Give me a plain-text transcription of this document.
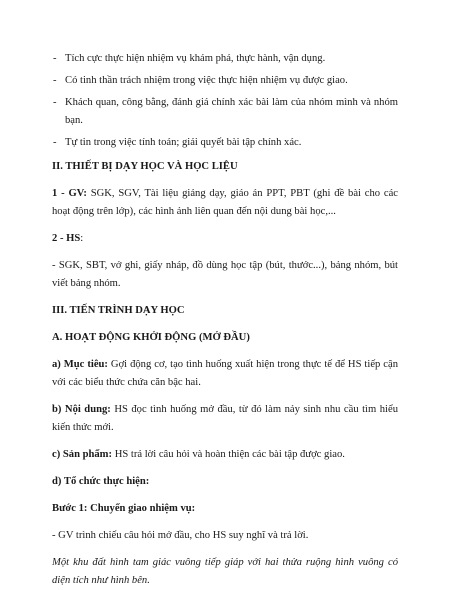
- Tích cực thực hiện nhiệm vụ khám phá, thực hành, vận dụng.
- Có tinh thần trách nhiệm trong việc thực hiện nhiệm vụ được giao.
- Khách quan, công bằng, đánh giá chính xác bài làm của nhóm mình và nhóm bạn.
- Tự tin trong việc tính toán; giải quyết bài tập chính xác.

II. THIẾT BỊ DẠY HỌC VÀ HỌC LIỆU

1 - GV: SGK, SGV, Tài liệu giảng dạy, giáo án PPT, PBT (ghi đề bài cho các hoạt động trên lớp), các hình ảnh liên quan đến nội dung bài học,...

2 - HS:

- SGK, SBT, vở ghi, giấy nháp, đồ dùng học tập (bút, thước...), bảng nhóm, bút viết bảng nhóm.

III. TIẾN TRÌNH DẠY HỌC

A. HOẠT ĐỘNG KHỞI ĐỘNG (MỞ ĐẦU)

a) Mục tiêu: Gợi động cơ, tạo tình huống xuất hiện trong thực tế để HS tiếp cận với các biểu thức chứa căn bậc hai.

b) Nội dung: HS đọc tình huống mở đầu, từ đó làm nảy sinh nhu cầu tìm hiểu kiến thức mới.

c) Sản phẩm: HS trả lời câu hỏi và hoàn thiện các bài tập được giao.

d) Tổ chức thực hiện:

Bước 1: Chuyển giao nhiệm vụ:

- GV trình chiếu câu hỏi mở đầu, cho HS suy nghĩ và trả lời.

Một khu đất hình tam giác vuông tiếp giáp với hai thửa ruộng hình vuông có diện tích như hình bên.
